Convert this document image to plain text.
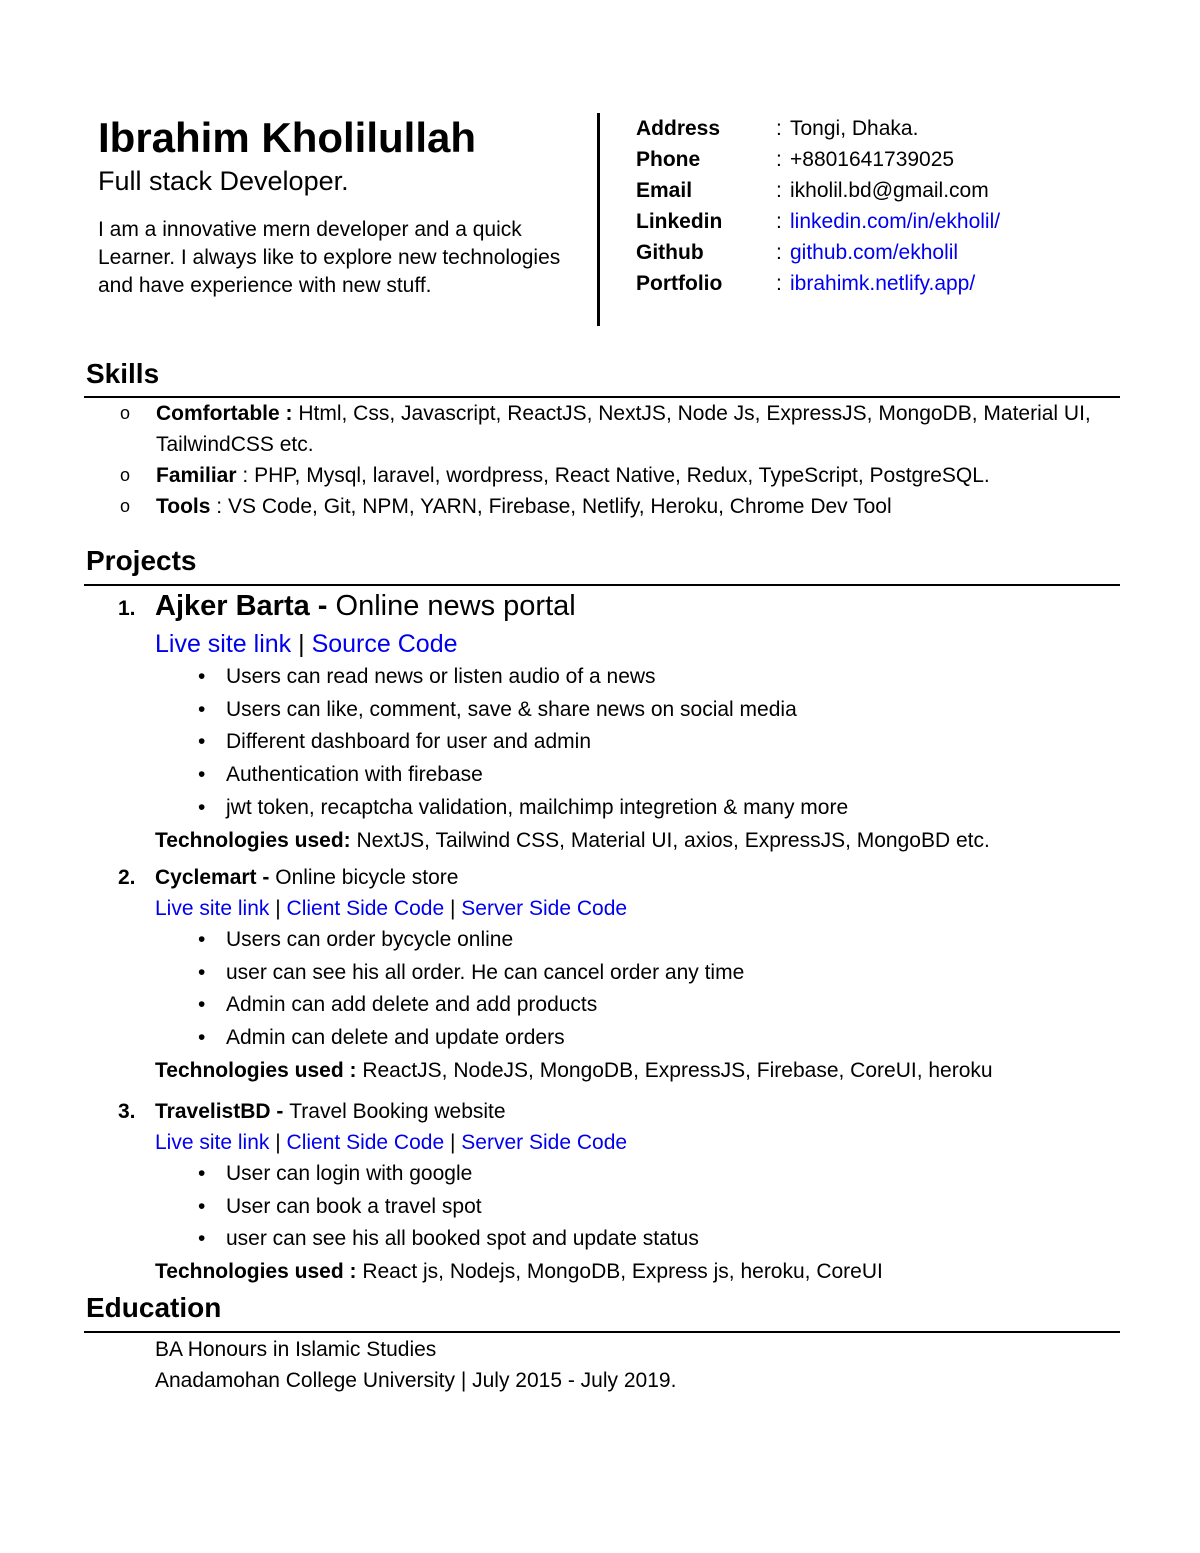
Ibrahim Kholilullah
Full stack Developer.
I am a innovative mern developer and a quick Learner. I always like to explore new technologies and have experience with new stuff.
Address	: Tongi, Dhaka.
Phone	: +8801641739025
Email	: ikholil.bd@gmail.com
Linkedin	: linkedin.com/in/ekholil/
Github	: github.com/ekholil
Portfolio	: ibrahimk.netlify.app/
Skills
o	Comfortable : Html, Css, Javascript, ReactJS, NextJS, Node Js, ExpressJS, MongoDB, Material UI, TailwindCSS etc.
o	Familiar : PHP, Mysql, laravel, wordpress, React Native, Redux, TypeScript, PostgreSQL.
o	Tools : VS Code, Git, NPM, YARN, Firebase, Netlify, Heroku, Chrome Dev Tool
Projects
1. Ajker Barta -
Online news portal
Live site link | Source Code
• Users can read news or listen audio of a news
• Users can like, comment, save & share news on social media
• Different dashboard for user and admin
• Authentication with firebase
• jwt token, recaptcha validation, mailchimp integretion & many more
Technologies used: NextJS, Tailwind CSS, Material UI, axios, ExpressJS, MongoBD etc.
2. Cyclemart -
Online bicycle store
Live site link | Client Side Code | Server Side Code
• Users can order bycycle online
• user can see his all order. He can cancel order any time
• Admin can add delete and add products
• Admin can delete and update orders
Technologies used : ReactJS, NodeJS, MongoDB, ExpressJS, Firebase, CoreUI, heroku
3. TravelistBD -
Travel Booking website
Live site link | Client Side Code | Server Side Code
• User can login with google
• User can book a travel spot
• user can see his all booked spot and update status
Technologies used : React js, Nodejs, MongoDB, Express js, heroku, CoreUI
Education
BA Honours in Islamic Studies
Anadamohan College University | July 2015 - July 2019.
